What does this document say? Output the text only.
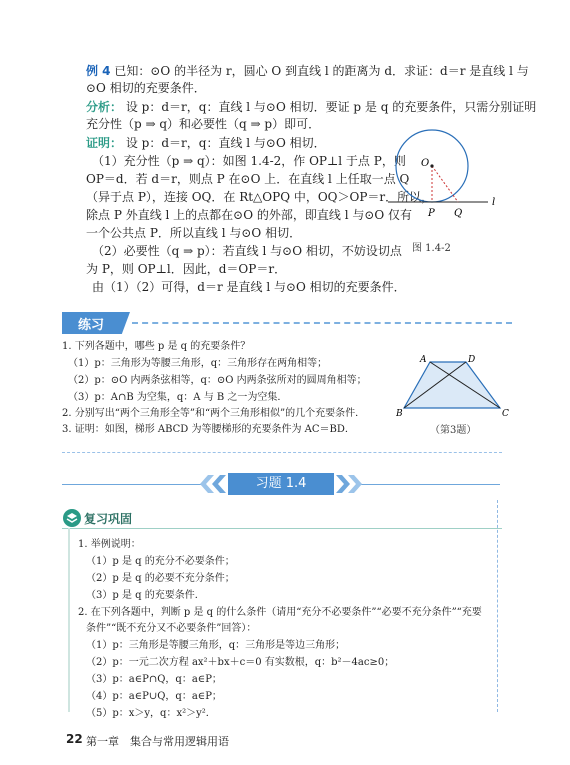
例 4 已知：⊙O 的半径为 r，圆心 O 到直线 l 的距离为 d．求证：d＝r 是直线 l 与
⊙O 相切的充要条件．
分析： 设 p：d＝r，q：直线 l 与⊙O 相切．要证 p 是 q 的充要条件，只需分别证明
充分性（p ⇒ q）和必要性（q ⇒ p）即可．
证明： 设 p：d＝r，q：直线 l 与⊙O 相切．
（1）充分性（p ⇒ q）：如图 1.4-2，作 OP⊥l 于点 P，则
OP＝d．若 d＝r，则点 P 在⊙O 上．在直线 l 上任取一点 Q
（异于点 P），连接 OQ．在 Rt△OPQ 中，OQ＞OP＝r．所以，
除点 P 外直线 l 上的点都在⊙O 的外部，即直线 l 与⊙O 仅有
一个公共点 P．所以直线 l 与⊙O 相切．
（2）必要性（q ⇒ p）：若直线 l 与⊙O 相切，不妨设切点
为 P，则 OP⊥l．因此，d＝OP＝r．
由（1）（2）可得，d＝r 是直线 l 与⊙O 相切的充要条件．
O
l
P Q
图 1.4-2
练习
1. 下列各题中，哪些 p 是 q 的充要条件？
（1）p：三角形为等腰三角形，q：三角形存在两角相等；
（2）p：⊙O 内两条弦相等，q：⊙O 内两条弦所对的圆周角相等；
（3）p：A∩B 为空集，q：A 与 B 之一为空集．
2. 分别写出“两个三角形全等”和“两个三角形相似”的几个充要条件．
3. 证明：如图，梯形 ABCD 为等腰梯形的充要条件为 AC＝BD．
A	D
B	C
（第3题）
习题 1.4
复习巩固
1. 举例说明：
（1）p 是 q 的充分不必要条件；
（2）p 是 q 的必要不充分条件；
（3）p 是 q 的充要条件．
2. 在下列各题中，判断 p 是 q 的什么条件（请用“充分不必要条件”“必要不充分条件”“充要
条件”“既不充分又不必要条件”回答）：
（1）p：三角形是等腰三角形，q：三角形是等边三角形；
（2）p：一元二次方程 ax²＋bx＋c＝0 有实数根，q：b²－4ac≥0；
（3）p：a∈P∩Q，q：a∈P；
（4）p：a∈P∪Q，q：a∈P；
（5）p：x＞y，q：x²＞y²．
22 第一章　集合与常用逻辑用语
